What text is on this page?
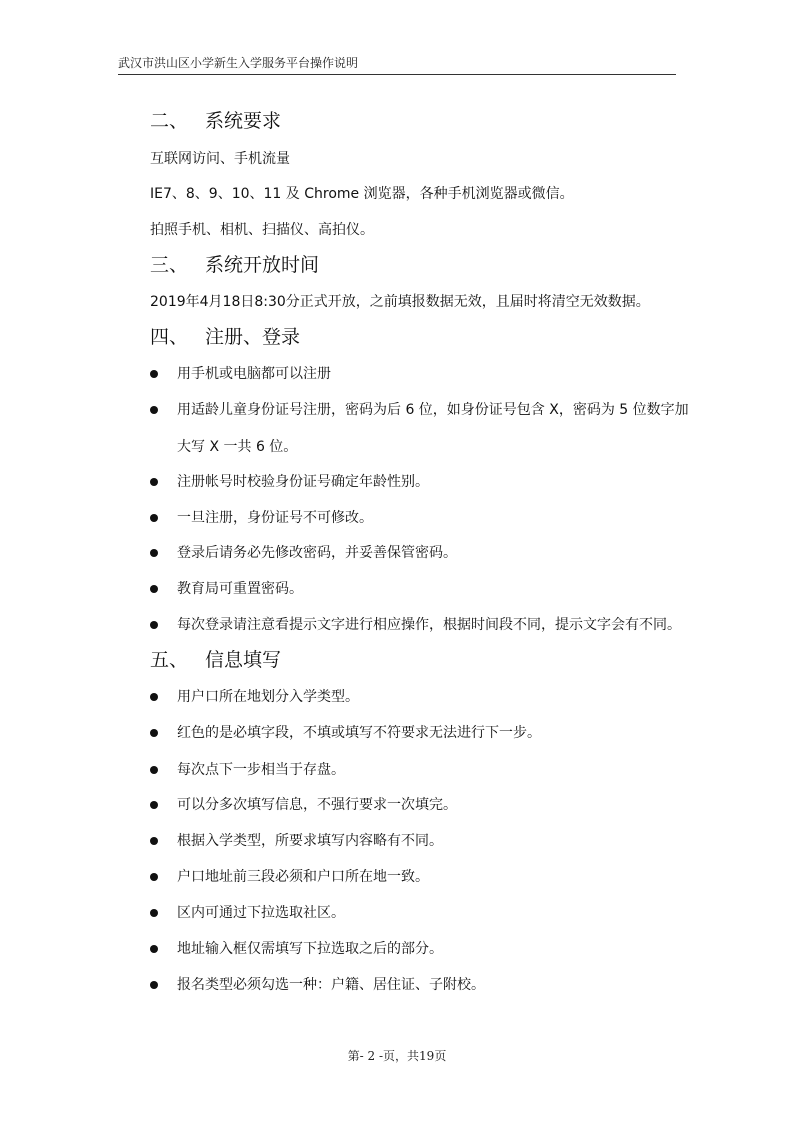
武汉市洪山区小学新生入学服务平台操作说明
二、 系统要求
互联网访问、手机流量
IE7、8、9、10、11 及 Chrome 浏览器，各种手机浏览器或微信。
拍照手机、相机、扫描仪、高拍仪。
三、 系统开放时间
2019年4月18日8:30分正式开放，之前填报数据无效，且届时将清空无效数据。
四、 注册、登录
用手机或电脑都可以注册
用适龄儿童身份证号注册，密码为后 6 位，如身份证号包含 X，密码为 5 位数字加
大写 X 一共 6 位。
注册帐号时校验身份证号确定年龄性别。
一旦注册，身份证号不可修改。
登录后请务必先修改密码，并妥善保管密码。
教育局可重置密码。
每次登录请注意看提示文字进行相应操作，根据时间段不同，提示文字会有不同。
五、 信息填写
用户口所在地划分入学类型。
红色的是必填字段，不填或填写不符要求无法进行下一步。
每次点下一步相当于存盘。
可以分多次填写信息，不强行要求一次填完。
根据入学类型，所要求填写内容略有不同。
户口地址前三段必须和户口所在地一致。
区内可通过下拉选取社区。
地址输入框仅需填写下拉选取之后的部分。
报名类型必须勾选一种：户籍、居住证、子附校。
第- 2 -页，共19页
